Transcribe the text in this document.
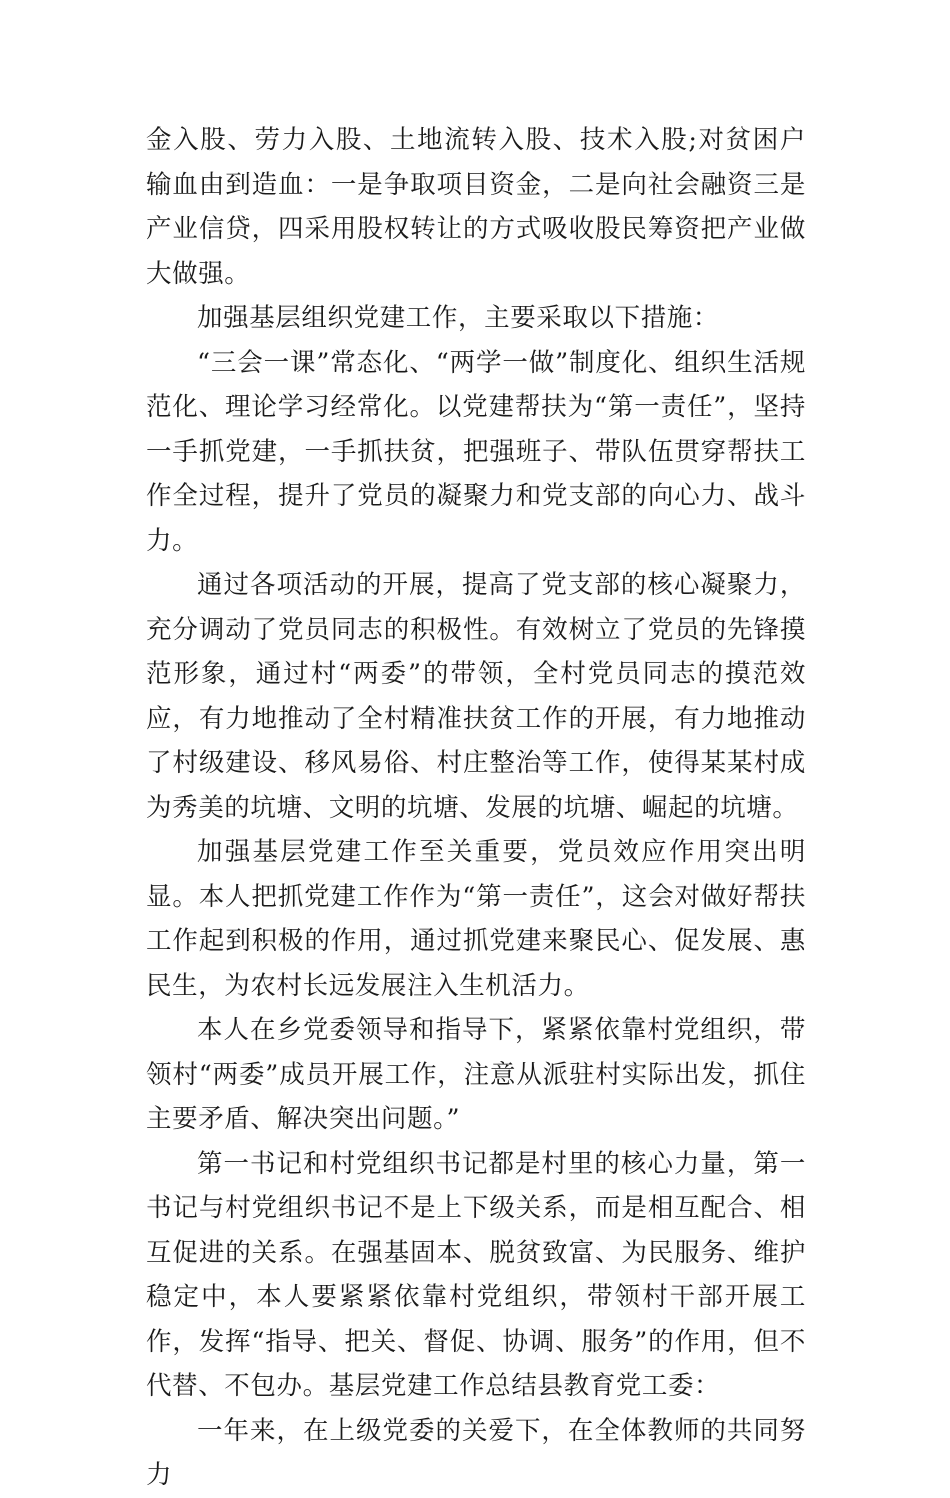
金入股、劳力入股、土地流转入股、技术入股;对贫困户输血由到造血：一是争取项目资金，二是向社会融资三是产业信贷，四采用股权转让的方式吸收股民筹资把产业做大做强。

加强基层组织党建工作，主要采取以下措施：

“三会一课”常态化、“两学一做”制度化、组织生活规范化、理论学习经常化。以党建帮扶为“第一责任”，坚持一手抓党建，一手抓扶贫，把强班子、带队伍贯穿帮扶工作全过程，提升了党员的凝聚力和党支部的向心力、战斗力。

通过各项活动的开展，提高了党支部的核心凝聚力，充分调动了党员同志的积极性。有效树立了党员的先锋摸范形象，通过村“两委”的带领，全村党员同志的摸范效应，有力地推动了全村精准扶贫工作的开展，有力地推动了村级建设、移风易俗、村庄整治等工作，使得某某村成为秀美的坑塘、文明的坑塘、发展的坑塘、崛起的坑塘。

加强基层党建工作至关重要，党员效应作用突出明显。本人把抓党建工作作为“第一责任”，这会对做好帮扶工作起到积极的作用，通过抓党建来聚民心、促发展、惠民生，为农村长远发展注入生机活力。

本人在乡党委领导和指导下，紧紧依靠村党组织，带领村“两委”成员开展工作，注意从派驻村实际出发，抓住主要矛盾、解决突出问题。”

第一书记和村党组织书记都是村里的核心力量，第一书记与村党组织书记不是上下级关系，而是相互配合、相互促进的关系。在强基固本、脱贫致富、为民服务、维护稳定中，本人要紧紧依靠村党组织，带领村干部开展工作，发挥“指导、把关、督促、协调、服务”的作用，但不代替、不包办。基层党建工作总结县教育党工委：

一年来，在上级党委的关爱下，在全体教师的共同努力
